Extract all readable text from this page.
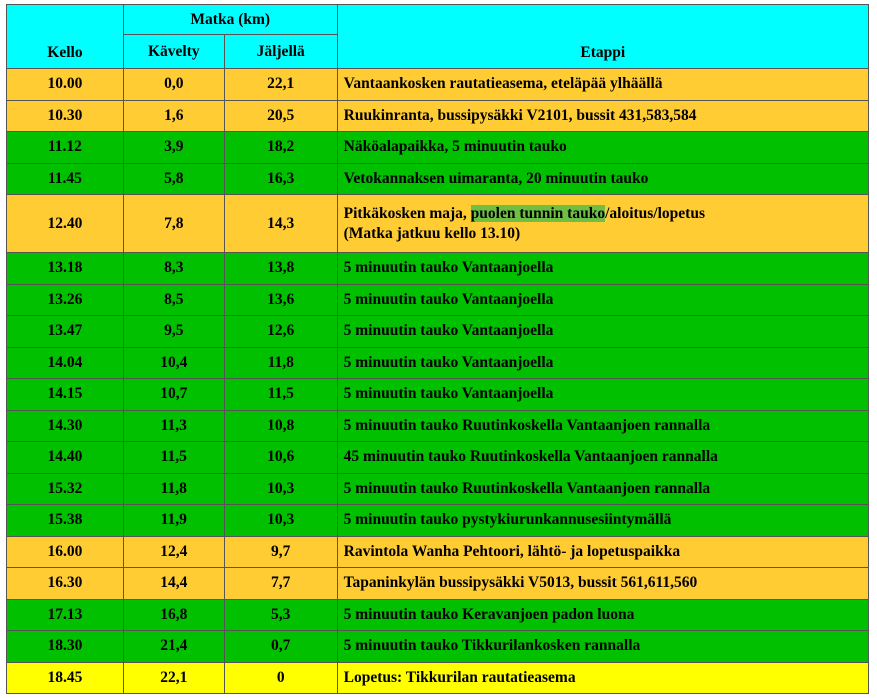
Kello	Matka (km)		Etappi
	Kävelty	Jäljellä	
10.00	0,0	22,1	Vantaankosken rautatieasema, eteläpää ylhäällä
10.30	1,6	20,5	Ruukinranta, bussipysäkki V2101, bussit 431,583,584
11.12	3,9	18,2	Näköalapaikka, 5 minuutin tauko
11.45	5,8	16,3	Vetokannaksen uimaranta, 20 minuutin tauko
12.40	7,8	14,3	Pitkäkosken maja, puolen tunnin tauko/aloitus/lopetus
(Matka jatkuu kello 13.10)
13.18	8,3	13,8	5 minuutin tauko Vantaanjoella
13.26	8,5	13,6	5 minuutin tauko Vantaanjoella
13.47	9,5	12,6	5 minuutin tauko Vantaanjoella
14.04	10,4	11,8	5 minuutin tauko Vantaanjoella
14.15	10,7	11,5	5 minuutin tauko Vantaanjoella
14.30	11,3	10,8	5 minuutin tauko Ruutinkoskella Vantaanjoen rannalla
14.40	11,5	10,6	45 minuutin tauko Ruutinkoskella Vantaanjoen rannalla
15.32	11,8	10,3	5 minuutin tauko Ruutinkoskella Vantaanjoen rannalla
15.38	11,9	10,3	5 minuutin tauko pystykiurunkannusesiintymällä
16.00	12,4	9,7	Ravintola Wanha Pehtoori, lähtö- ja lopetuspaikka
16.30	14,4	7,7	Tapaninkylän bussipysäkki V5013, bussit 561,611,560
17.13	16,8	5,3	5 minuutin tauko Keravanjoen padon luona
18.30	21,4	0,7	5 minuutin tauko Tikkurilankosken rannalla
18.45	22,1	0	Lopetus: Tikkurilan rautatieasema
